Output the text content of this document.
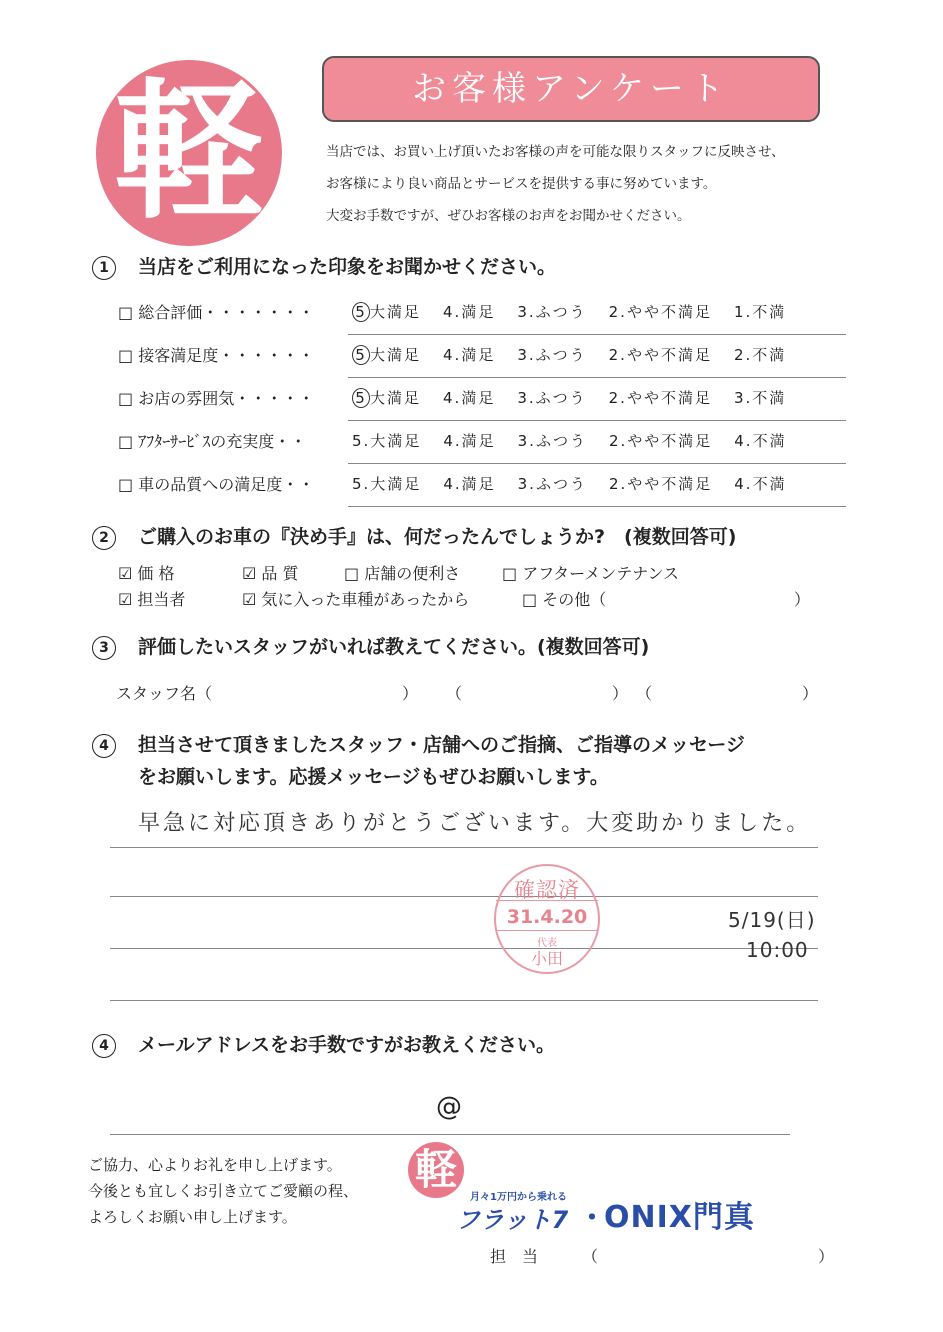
軽	お客様アンケート
当店では、お買い上げ頂いたお客様の声を可能な限りスタッフに反映させ、
お客様により良い商品とサービスを提供する事に努めています。
大変お手数ですが、ぜひお客様のお声をお聞かせください。
1 当店をご利用になった印象をお聞かせください。
□ 総合評価・・・・・・・	5 大満足 4.満足 3.ふつう 2.やや不満足 1.不満
□ 接客満足度・・・・・・	5 大満足 4.満足 3.ふつう 2.やや不満足 2.不満
□ お店の雰囲気・・・・・	5 大満足 4.満足 3.ふつう 2.やや不満足 3.不満
□ ｱﾌﾀｰｻｰﾋﾞｽの充実度・・	5.大満足 4.満足 3.ふつう 2.やや不満足 4.不満
□ 車の品質への満足度・・	5.大満足 4.満足 3.ふつう 2.やや不満足 4.不満
2 ご購入のお車の『決め手』は、何だったんでしょうか?　(複数回答可)
☑ 価 格	☑ 品 質	□ 店舗の便利さ	□ アフターメンテナンス
☑ 担当者	☑ 気に入った車種があったから	□ その他（	）
3 評価したいスタッフがいれば教えてください。(複数回答可)
スタッフ名（	） （	） （	）
4 担当させて頂きましたスタッフ・店舗へのご指摘、ご指導のメッセージ
をお願いします。応援メッセージもぜひお願いします。
早急に対応頂きありがとうございます。大変助かりました。
5/19(日)
10:00
確認済
31.4.20
代表
小田
4 メールアドレスをお手数ですがお教えください。
@
ご協力、心よりお礼を申し上げます。
今後とも宜しくお引き立てご愛顧の程、
よろしくお願い申し上げます。
軽
月々1万円から乗れる
フラット7 ・
ONIX門真
担　当	（	）
